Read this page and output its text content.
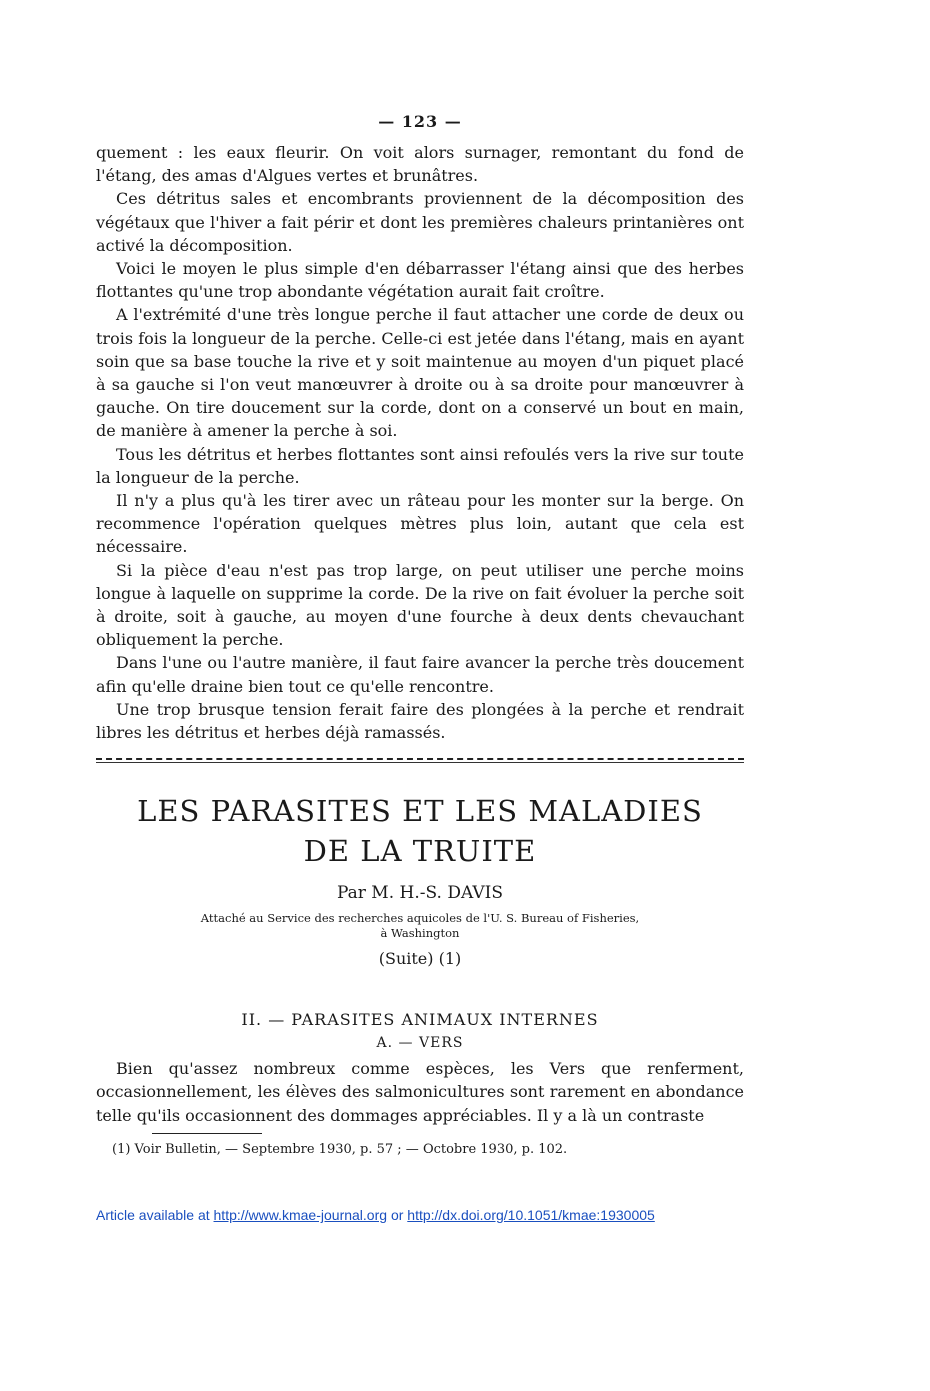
— 123 —

quement : les eaux fleurir. On voit alors surnager, remontant du fond de l'étang, des amas d'Algues vertes et brunâtres.

Ces détritus sales et encombrants proviennent de la décomposition des végétaux que l'hiver a fait périr et dont les premières chaleurs printanières ont activé la décomposition.

Voici le moyen le plus simple d'en débarrasser l'étang ainsi que des herbes flottantes qu'une trop abondante végétation aurait fait croître.

A l'extrémité d'une très longue perche il faut attacher une corde de deux ou trois fois la longueur de la perche. Celle-ci est jetée dans l'étang, mais en ayant soin que sa base touche la rive et y soit maintenue au moyen d'un piquet placé à sa gauche si l'on veut manœuvrer à droite ou à sa droite pour manœuvrer à gauche. On tire doucement sur la corde, dont on a conservé un bout en main, de manière à amener la perche à soi.

Tous les détritus et herbes flottantes sont ainsi refoulés vers la rive sur toute la longueur de la perche.

Il n'y a plus qu'à les tirer avec un râteau pour les monter sur la berge. On recommence l'opération quelques mètres plus loin, autant que cela est nécessaire.

Si la pièce d'eau n'est pas trop large, on peut utiliser une perche moins longue à laquelle on supprime la corde. De la rive on fait évoluer la perche soit à droite, soit à gauche, au moyen d'une fourche à deux dents chevauchant obliquement la perche.

Dans l'une ou l'autre manière, il faut faire avancer la perche très doucement afin qu'elle draine bien tout ce qu'elle rencontre.

Une trop brusque tension ferait faire des plongées à la perche et rendrait libres les détritus et herbes déjà ramassés.

LES PARASITES ET LES MALADIES
DE LA TRUITE
Par M. H.-S. DAVIS
Attaché au Service des recherches aquicoles de l'U. S. Bureau of Fisheries,
à Washington
(Suite) (1)
II. — PARASITES ANIMAUX INTERNES
A. — VERS

Bien qu'assez nombreux comme espèces, les Vers que renferment, occasionnellement, les élèves des salmonicultures sont rarement en abondance telle qu'ils occasionnent des dommages appréciables. Il y a là un contraste

(1) Voir Bulletin, — Septembre 1930, p. 57 ; — Octobre 1930, p. 102.
Article available at http://www.kmae-journal.org or http://dx.doi.org/10.1051/kmae:1930005
